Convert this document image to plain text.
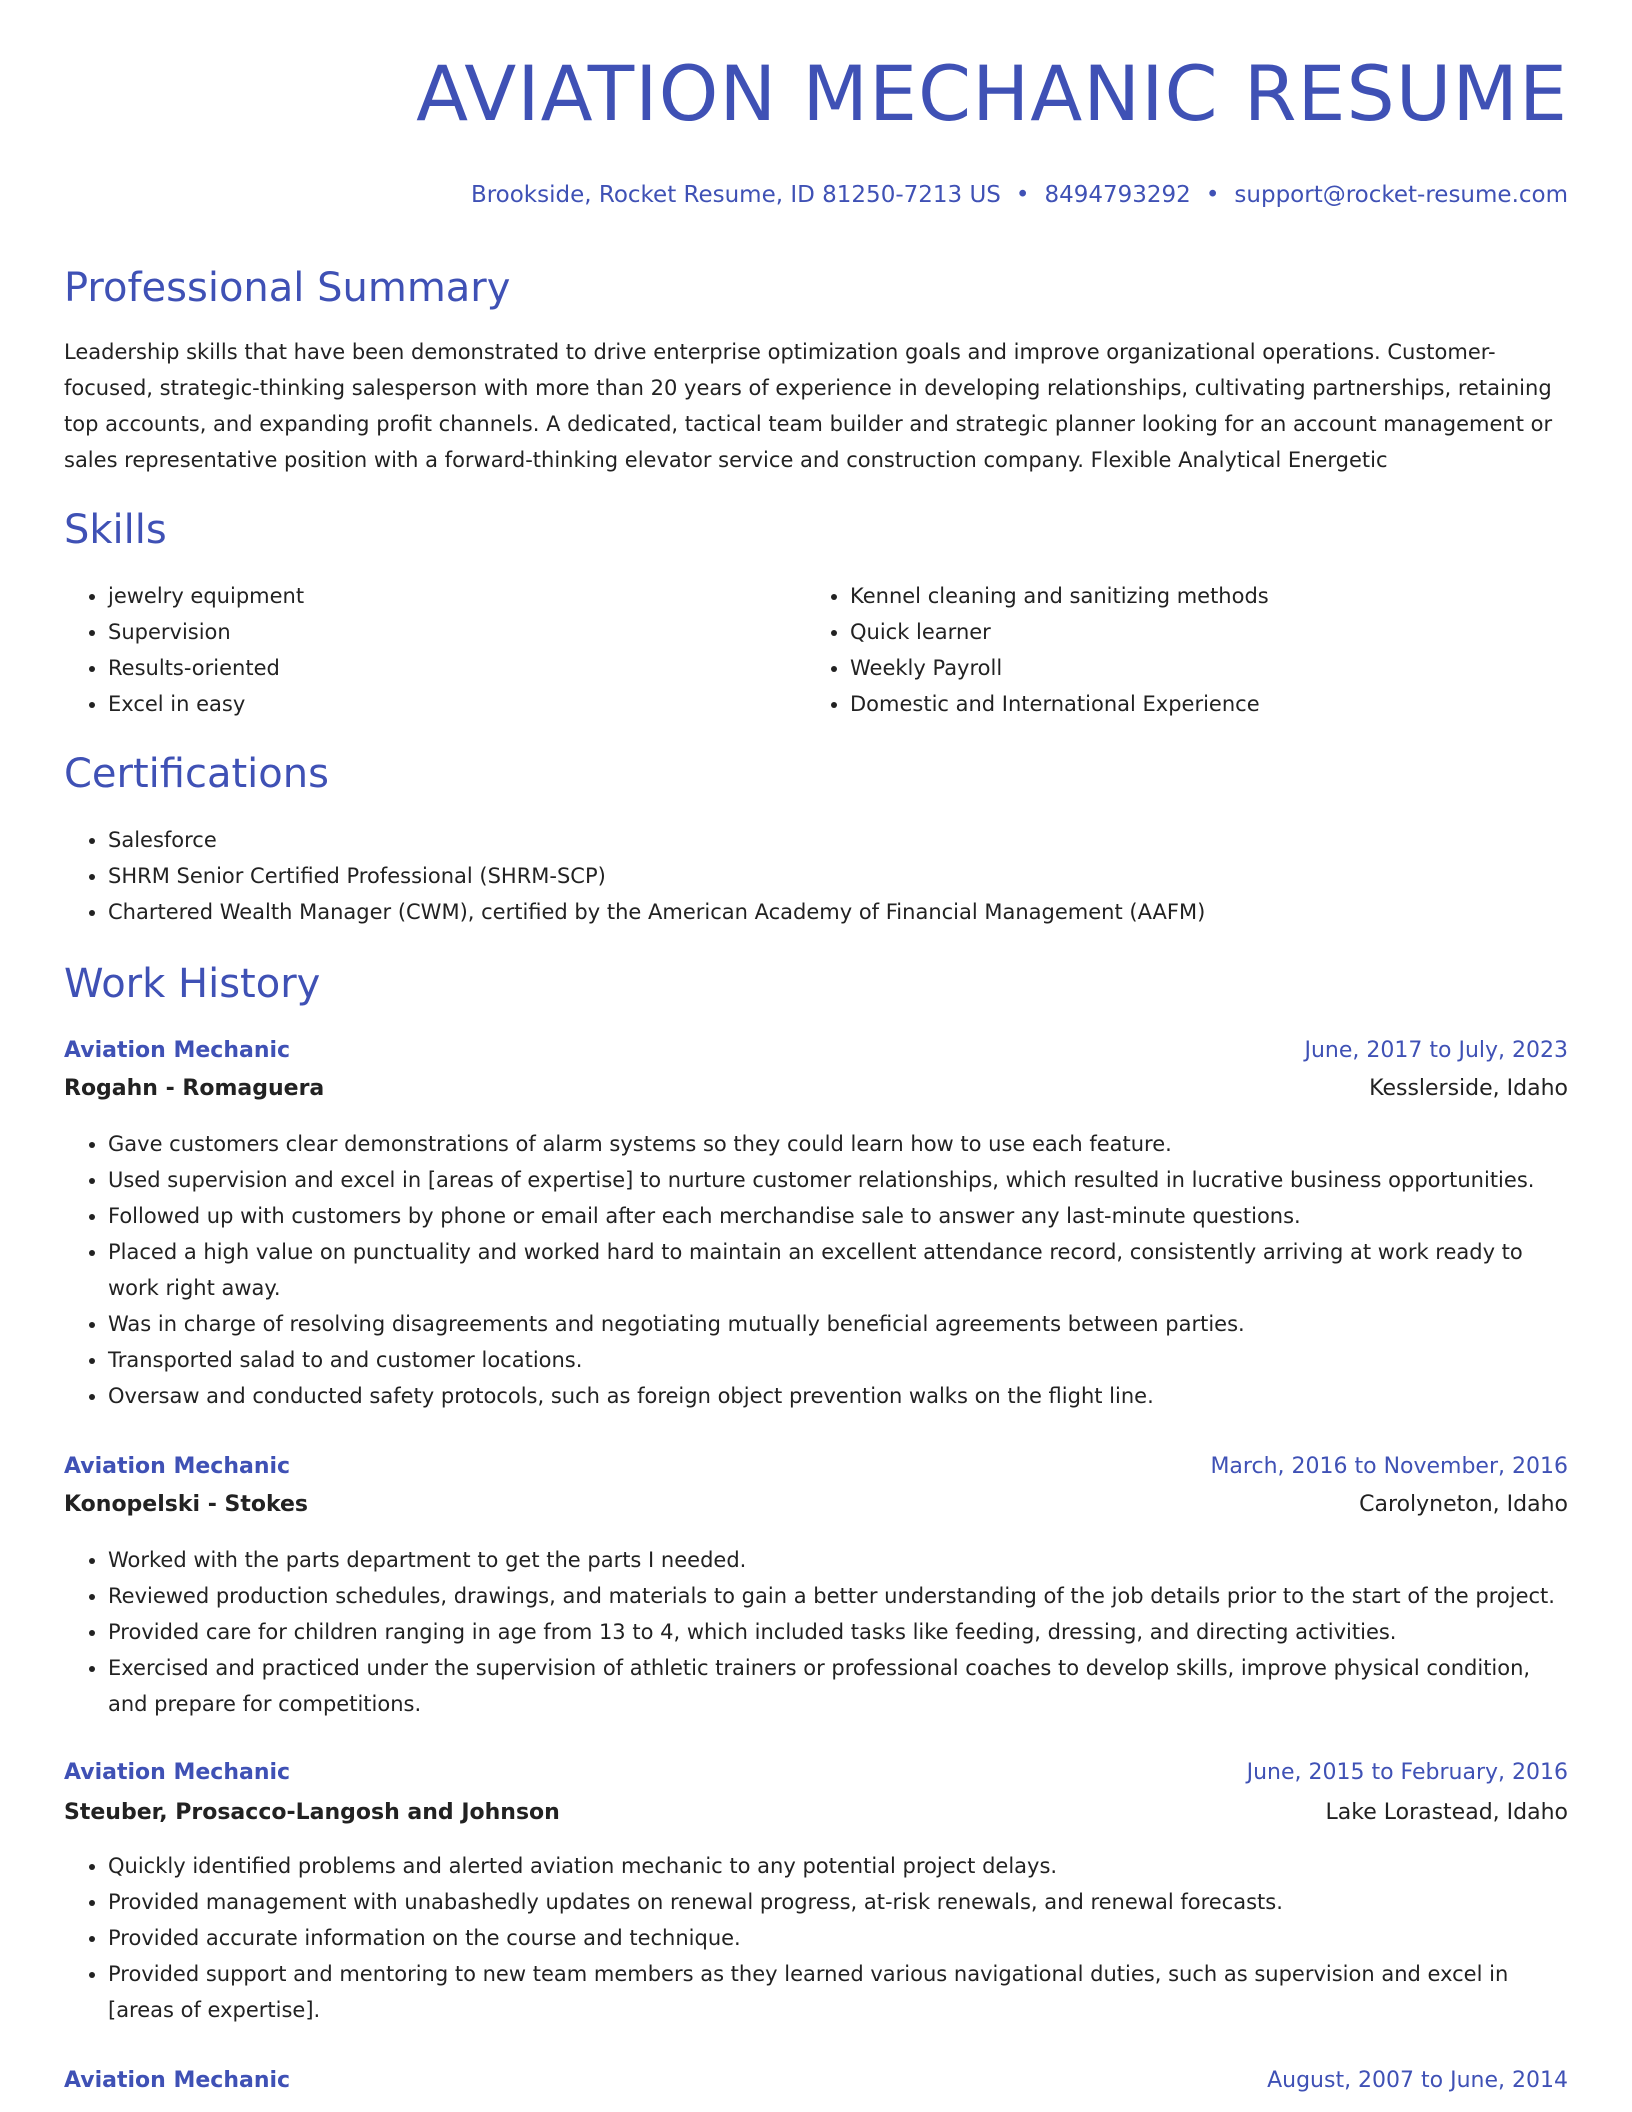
AVIATION MECHANIC RESUME
Brookside, Rocket Resume, ID 81250-7213 US • 8494793292 • support@rocket-resume.com
Professional Summary

Leadership skills that have been demonstrated to drive enterprise optimization goals and improve organizational operations. Customer-focused, strategic-thinking salesperson with more than 20 years of experience in developing relationships, cultivating partnerships, retaining top accounts, and expanding profit channels. A dedicated, tactical team builder and strategic planner looking for an account management or sales representative position with a forward-thinking elevator service and construction company. Flexible Analytical Energetic

Skills
• jewelry equipment
• Supervision
• Results-oriented
• Excel in easy
• Kennel cleaning and sanitizing methods
• Quick learner
• Weekly Payroll
• Domestic and International Experience
Certifications
• Salesforce
• SHRM Senior Certified Professional (SHRM-SCP)
• Chartered Wealth Manager (CWM), certified by the American Academy of Financial Management (AAFM)
Work History
Aviation Mechanic	June, 2017 to July, 2023
Rogahn - Romaguera	Kesslerside, Idaho
• Gave customers clear demonstrations of alarm systems so they could learn how to use each feature.
• Used supervision and excel in [areas of expertise] to nurture customer relationships, which resulted in lucrative business opportunities.
• Followed up with customers by phone or email after each merchandise sale to answer any last-minute questions.
• Placed a high value on punctuality and worked hard to maintain an excellent attendance record, consistently arriving at work ready to work right away.
• Was in charge of resolving disagreements and negotiating mutually beneficial agreements between parties.
• Transported salad to and customer locations.
• Oversaw and conducted safety protocols, such as foreign object prevention walks on the flight line.
Aviation Mechanic	March, 2016 to November, 2016
Konopelski - Stokes	Carolyneton, Idaho
• Worked with the parts department to get the parts I needed.
• Reviewed production schedules, drawings, and materials to gain a better understanding of the job details prior to the start of the project.
• Provided care for children ranging in age from 13 to 4, which included tasks like feeding, dressing, and directing activities.
• Exercised and practiced under the supervision of athletic trainers or professional coaches to develop skills, improve physical condition, and prepare for competitions.
Aviation Mechanic	June, 2015 to February, 2016
Steuber, Prosacco-Langosh and Johnson	Lake Lorastead, Idaho
• Quickly identified problems and alerted aviation mechanic to any potential project delays.
• Provided management with unabashedly updates on renewal progress, at-risk renewals, and renewal forecasts.
• Provided accurate information on the course and technique.
• Provided support and mentoring to new team members as they learned various navigational duties, such as supervision and excel in [areas of expertise].
Aviation Mechanic	August, 2007 to June, 2014
